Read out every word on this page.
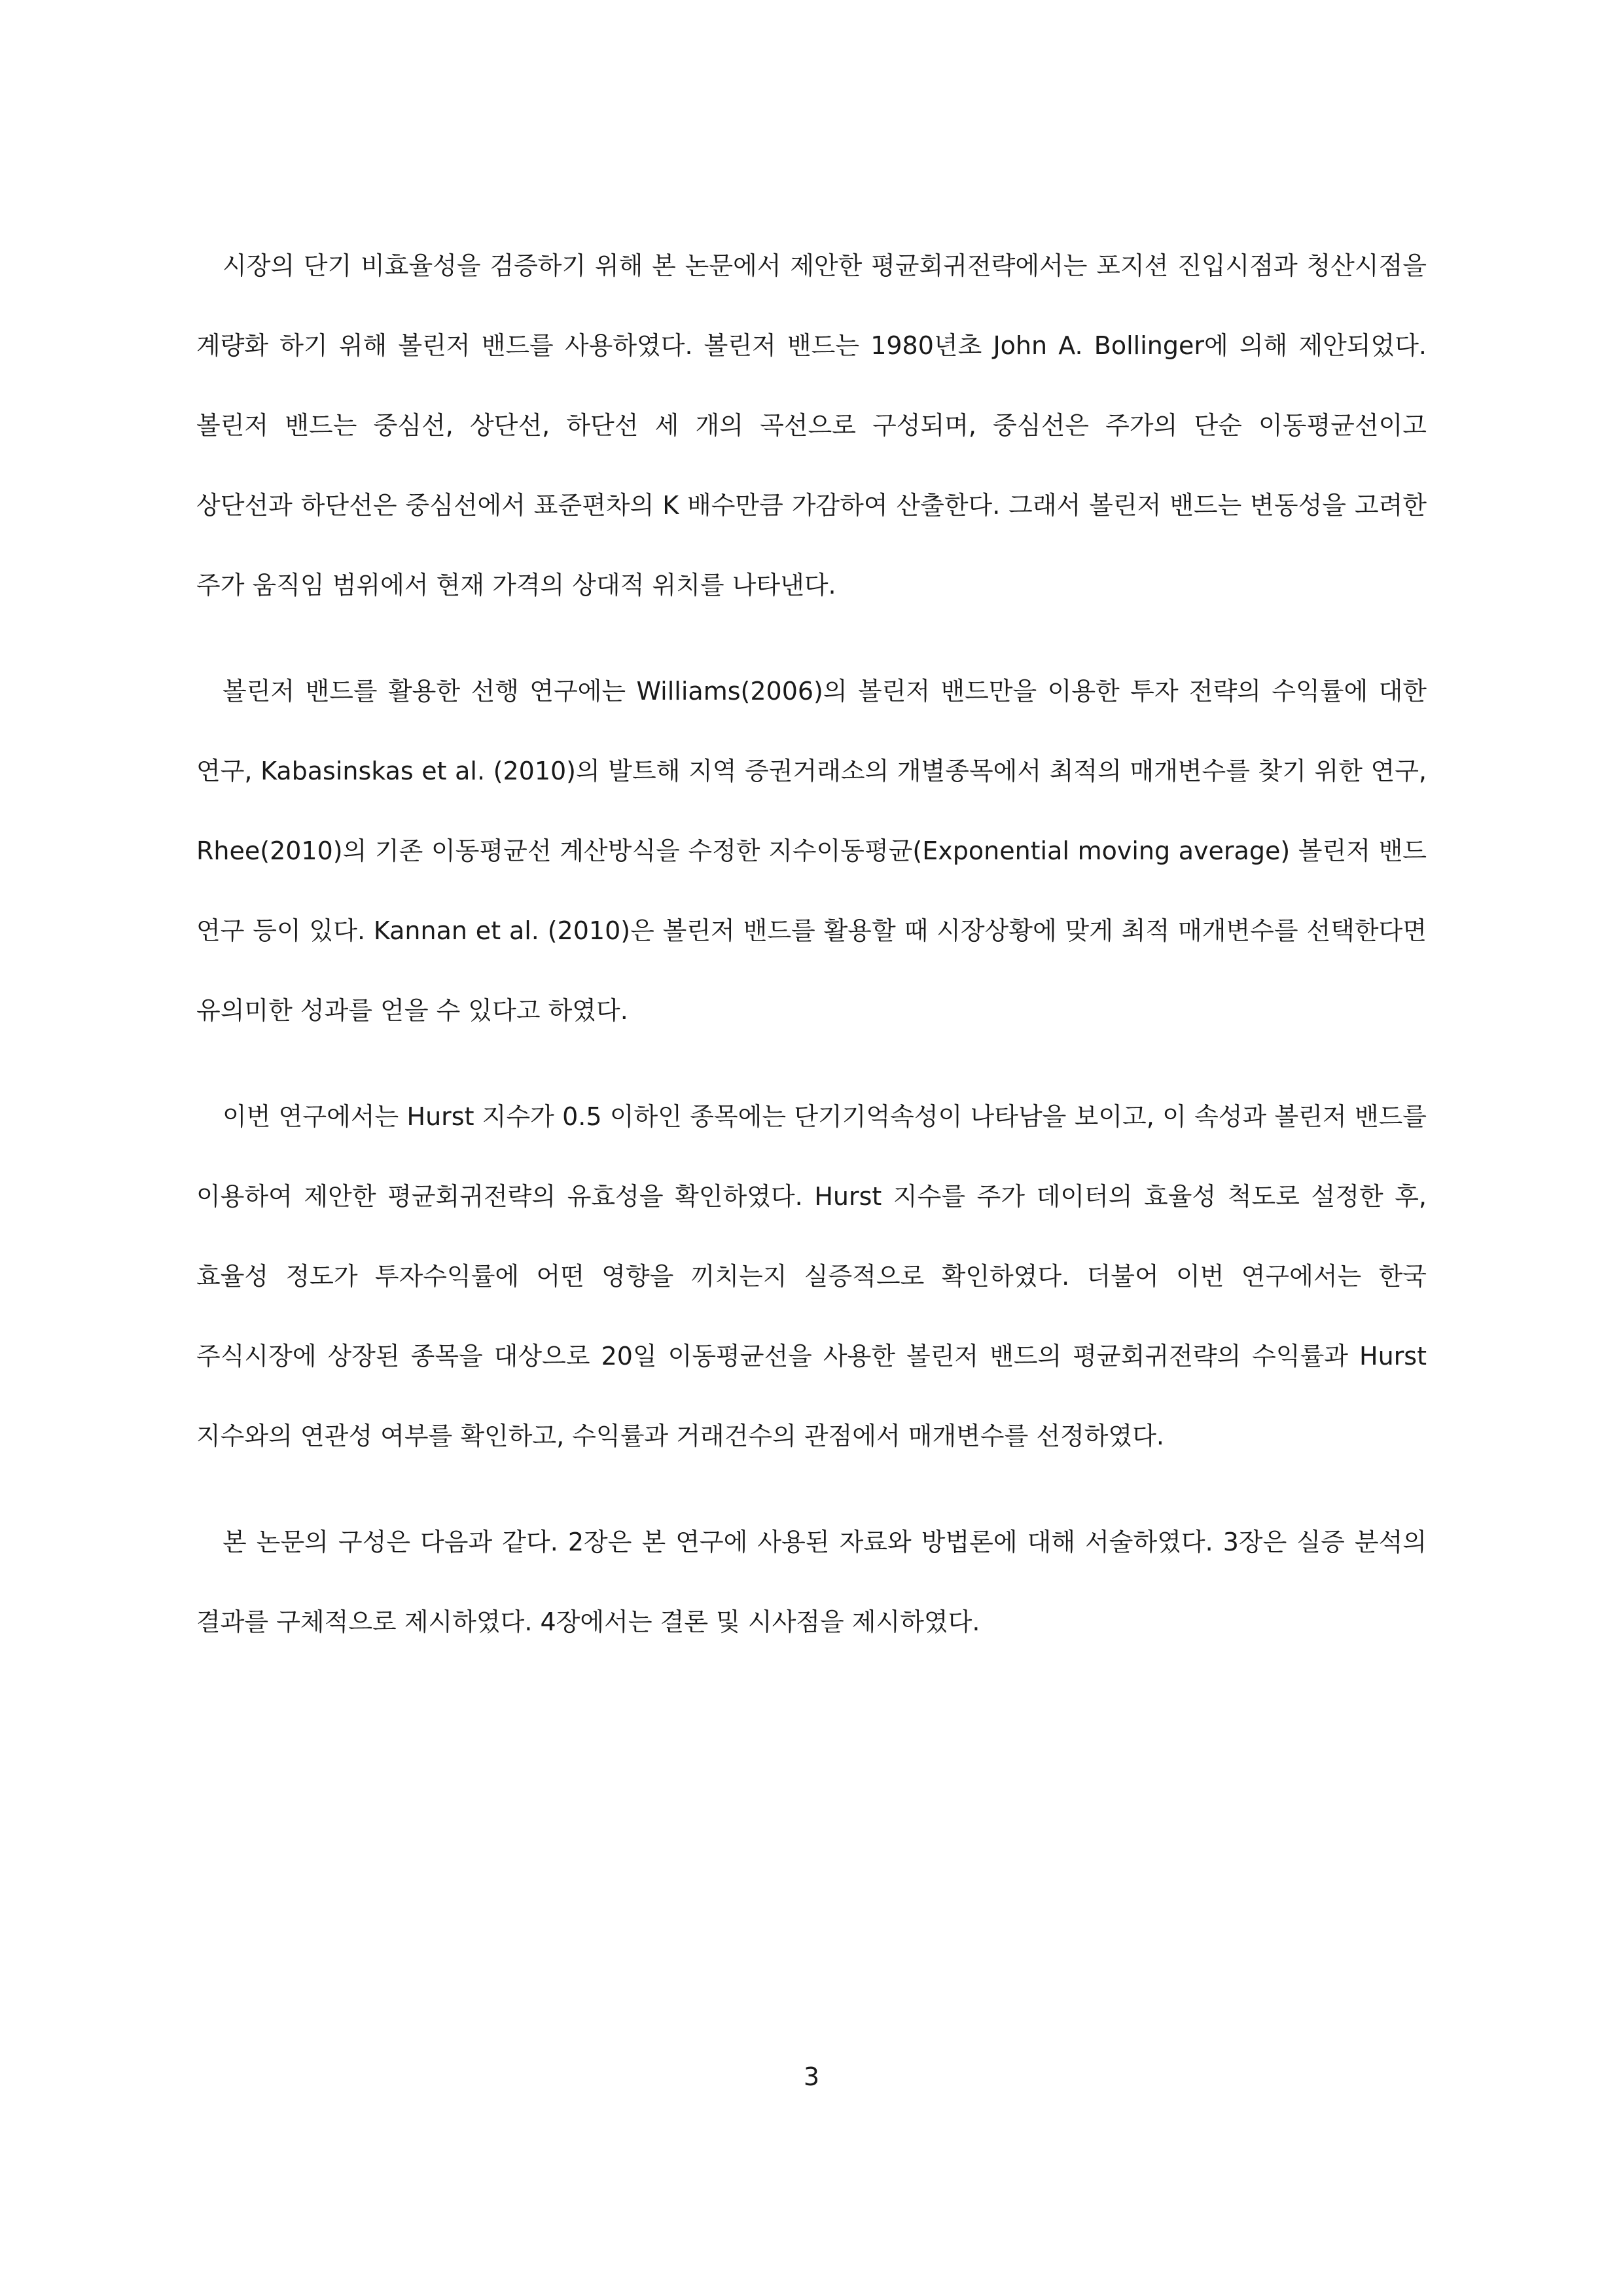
시장의 단기 비효율성을 검증하기 위해 본 논문에서 제안한 평균회귀전략에서는 포지션 진입시점과 청산시점을 계량화 하기 위해 볼린저 밴드를 사용하였다. 볼린저 밴드는 1980년초 John A. Bollinger에 의해 제안되었다. 볼린저 밴드는 중심선, 상단선, 하단선 세 개의 곡선으로 구성되며, 중심선은 주가의 단순 이동평균선이고 상단선과 하단선은 중심선에서 표준편차의 K 배수만큼 가감하여 산출한다. 그래서 볼린저 밴드는 변동성을 고려한 주가 움직임 범위에서 현재 가격의 상대적 위치를 나타낸다.

볼린저 밴드를 활용한 선행 연구에는 Williams(2006)의 볼린저 밴드만을 이용한 투자 전략의 수익률에 대한 연구, Kabasinskas et al. (2010)의 발트해 지역 증권거래소의 개별종목에서 최적의 매개변수를 찾기 위한 연구, Rhee(2010)의 기존 이동평균선 계산방식을 수정한 지수이동평균(Exponential moving average) 볼린저 밴드 연구 등이 있다. Kannan et al. (2010)은 볼린저 밴드를 활용할 때 시장상황에 맞게 최적 매개변수를 선택한다면 유의미한 성과를 얻을 수 있다고 하였다.

이번 연구에서는 Hurst 지수가 0.5 이하인 종목에는 단기기억속성이 나타남을 보이고, 이 속성과 볼린저 밴드를 이용하여 제안한 평균회귀전략의 유효성을 확인하였다. Hurst 지수를 주가 데이터의 효율성 척도로 설정한 후, 효율성 정도가 투자수익률에 어떤 영향을 끼치는지 실증적으로 확인하였다. 더불어 이번 연구에서는 한국 주식시장에 상장된 종목을 대상으로 20일 이동평균선을 사용한 볼린저 밴드의 평균회귀전략의 수익률과 Hurst 지수와의 연관성 여부를 확인하고, 수익률과 거래건수의 관점에서 매개변수를 선정하였다.

본 논문의 구성은 다음과 같다. 2장은 본 연구에 사용된 자료와 방법론에 대해 서술하였다. 3장은 실증 분석의 결과를 구체적으로 제시하였다. 4장에서는 결론 및 시사점을 제시하였다.

3
